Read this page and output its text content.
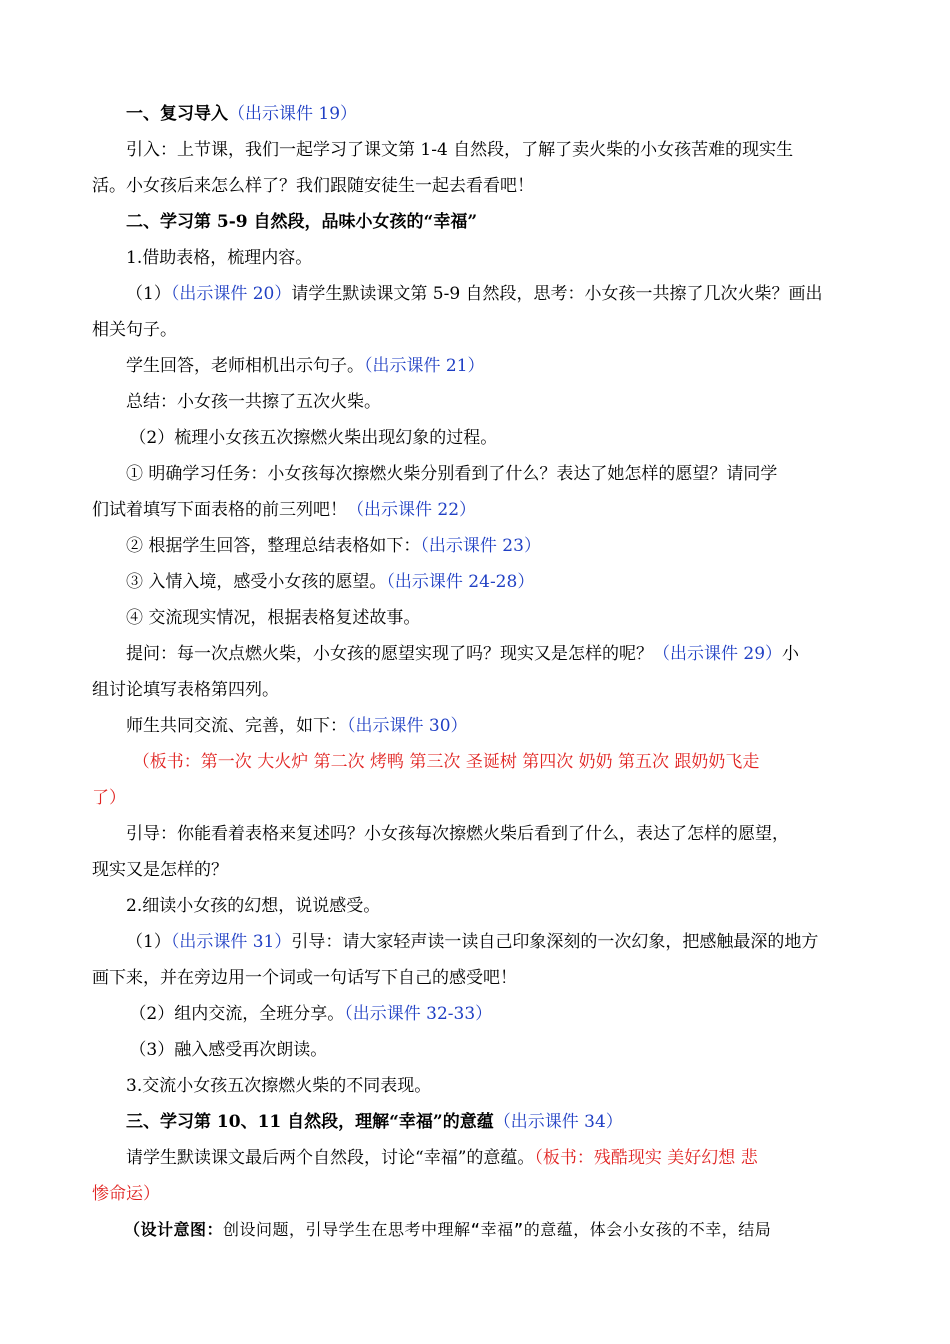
一、复习导入（出示课件 19）

引入：上节课，我们一起学习了课文第 1-4 自然段，了解了卖火柴的小女孩苦难的现实生

活。小女孩后来怎么样了？我们跟随安徒生一起去看看吧！

二、学习第 5-9 自然段，品味小女孩的“幸福”

1.借助表格，梳理内容。

（1）（出示课件 20）请学生默读课文第 5-9 自然段，思考：小女孩一共擦了几次火柴？画出

相关句子。

学生回答，老师相机出示句子。（出示课件 21）

总结：小女孩一共擦了五次火柴。

（2）梳理小女孩五次擦燃火柴出现幻象的过程。

① 明确学习任务：小女孩每次擦燃火柴分别看到了什么？表达了她怎样的愿望？请同学

们试着填写下面表格的前三列吧！（出示课件 22）

② 根据学生回答，整理总结表格如下：（出示课件 23）

③ 入情入境，感受小女孩的愿望。（出示课件 24-28）

④ 交流现实情况，根据表格复述故事。

提问：每一次点燃火柴，小女孩的愿望实现了吗？现实又是怎样的呢？（出示课件 29）小

组讨论填写表格第四列。

师生共同交流、完善，如下：（出示课件 30）

（板书：第一次 大火炉 第二次 烤鸭 第三次 圣诞树 第四次 奶奶 第五次 跟奶奶飞走

了）

引导：你能看着表格来复述吗？小女孩每次擦燃火柴后看到了什么，表达了怎样的愿望，

现实又是怎样的？

2.细读小女孩的幻想，说说感受。

（1）（出示课件 31）引导：请大家轻声读一读自己印象深刻的一次幻象，把感触最深的地方

画下来，并在旁边用一个词或一句话写下自己的感受吧！

（2）组内交流，全班分享。（出示课件 32-33）

（3）融入感受再次朗读。

3.交流小女孩五次擦燃火柴的不同表现。

三、学习第 10、11 自然段，理解“幸福”的意蕴（出示课件 34）

请学生默读课文最后两个自然段，讨论“幸福”的意蕴。（板书：残酷现实 美好幻想 悲

惨命运）

（设计意图：创设问题，引导学生在思考中理解“幸福”的意蕴，体会小女孩的不幸，结局
